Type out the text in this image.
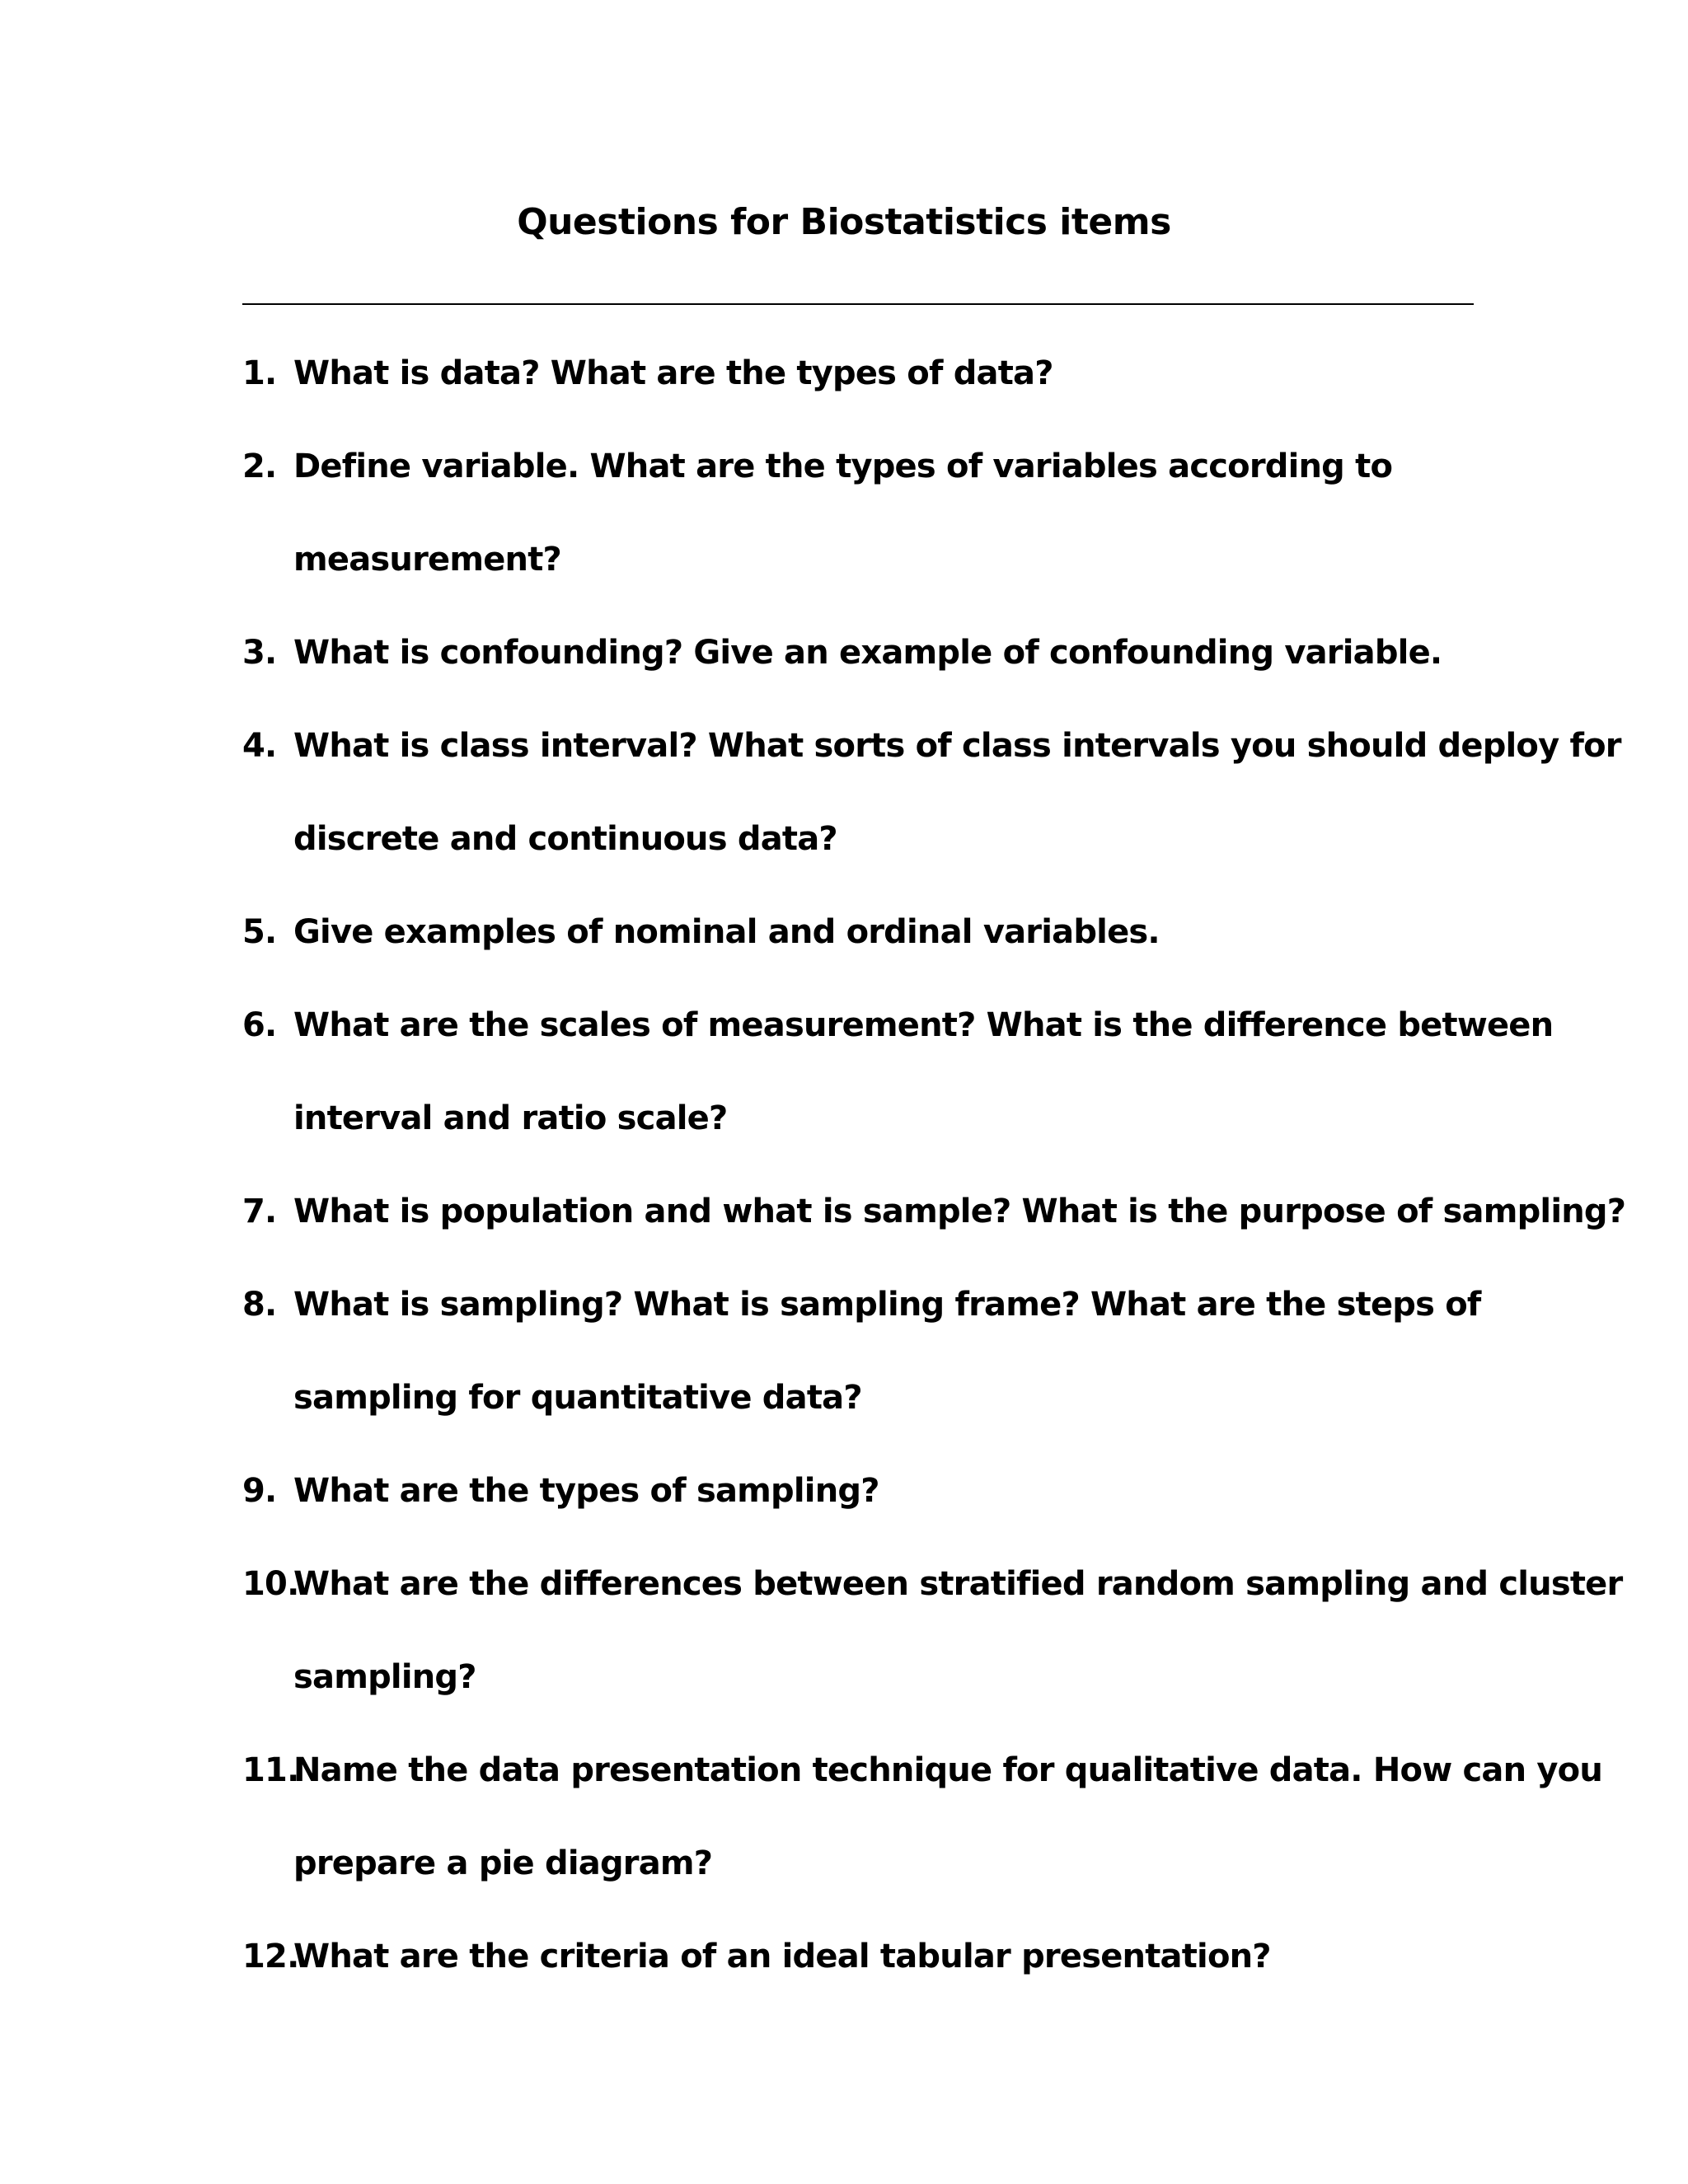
Questions for Biostatistics items
1. What is data? What are the types of data?
2. Define variable. What are the types of variables according to
measurement?
3. What is confounding? Give an example of confounding variable.
4. What is class interval? What sorts of class intervals you should deploy for
discrete and continuous data?
5. Give examples of nominal and ordinal variables.
6. What are the scales of measurement? What is the difference between
interval and ratio scale?
7. What is population and what is sample? What is the purpose of sampling?
8. What is sampling? What is sampling frame? What are the steps of
sampling for quantitative data?
9. What are the types of sampling?
10.
What are the differences between stratified random sampling and cluster
sampling?
11.
Name the data presentation technique for qualitative data. How can you
prepare a pie diagram?
12.
What are the criteria of an ideal tabular presentation?
